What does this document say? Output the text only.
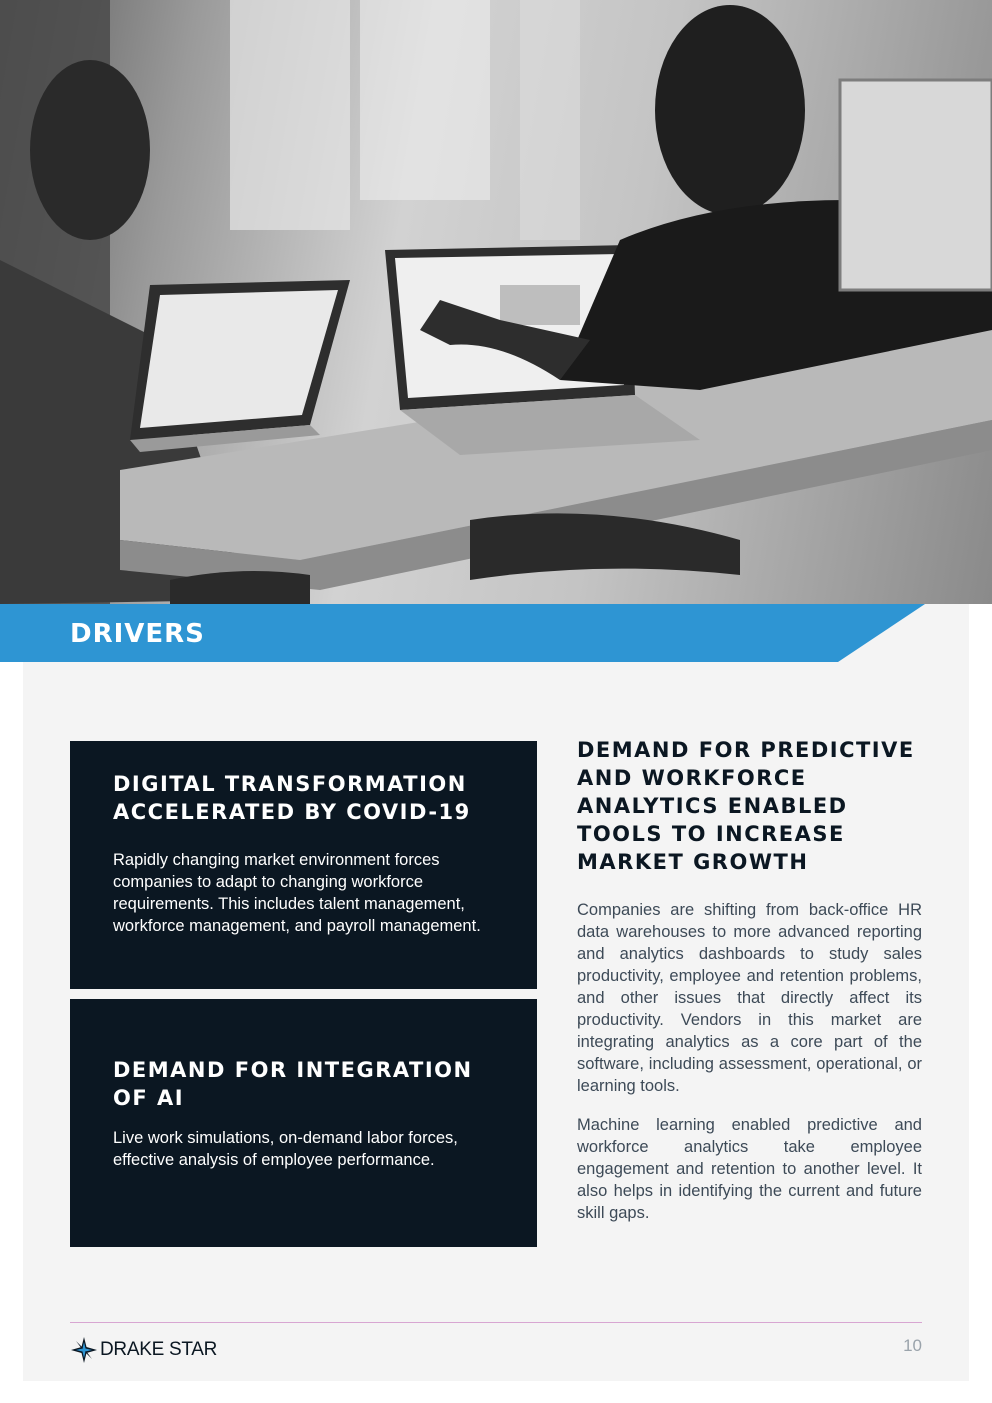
DRIVERS
DIGITAL TRANSFORMATION ACCELERATED BY COVID-19

Rapidly changing market environment forces companies to adapt to changing workforce requirements. This includes talent management, workforce management, and payroll management.

DEMAND FOR INTEGRATION OF AI

Live work simulations, on-demand labor forces, effective analysis of employee performance.

DEMAND FOR PREDICTIVE AND WORKFORCE ANALYTICS ENABLED TOOLS TO INCREASE MARKET GROWTH

Companies are shifting from back-office HR data warehouses to more advanced reporting and analytics dashboards to study sales productivity, employee and retention problems, and other issues that directly affect its productivity. Vendors in this market are integrating analytics as a core part of the software, including assessment, operational, or learning tools.

Machine learning enabled predictive and workforce analytics take employee engagement and retention to another level. It also helps in identifying the current and future skill gaps.

DRAKE STAR	10
